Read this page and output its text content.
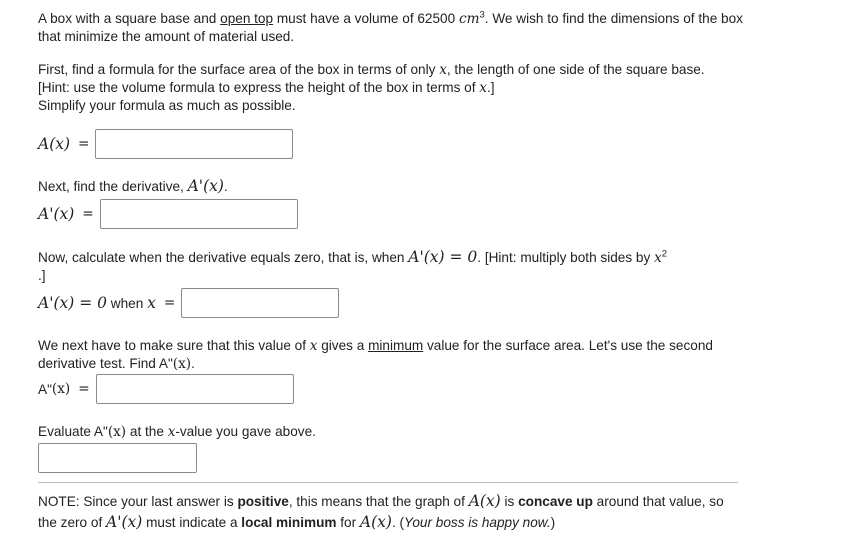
A box with a square base and open top must have a volume of 62500 $cm^3$. We wish to find the dimensions of the box that minimize the amount of material used.
First, find a formula for the surface area of the box in terms of only x, the length of one side of the square base.
[Hint: use the volume formula to express the height of the box in terms of x.]
Simplify your formula as much as possible.
A(x) =
Next, find the derivative, A'(x).
A'(x) =
Now, calculate when the derivative equals zero, that is, when A'(x) = 0. [Hint: multiply both sides by $x^2$
.]
A'(x) = 0 when x =
We next have to make sure that this value of x gives a minimum value for the surface area. Let's use the second derivative test. Find A"(x).
A" (x) =
Evaluate A"(x) at the x-value you gave above.
NOTE: Since your last answer is positive, this means that the graph of A(x) is concave up around that value, so the zero of A'(x) must indicate a local minimum for A(x). (Your boss is happy now.)
